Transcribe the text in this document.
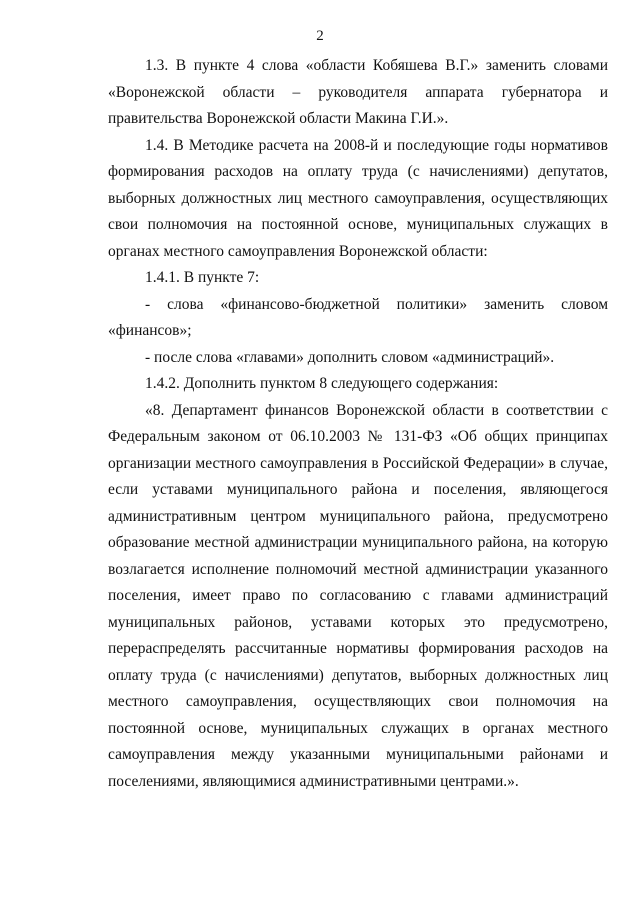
2

1.3. В пункте 4 слова «области Кобяшева В.Г.» заменить словами «Воронежской области – руководителя аппарата губернатора и правительства Воронежской области Макина Г.И.».

1.4. В Методике расчета на 2008-й и последующие годы нормативов формирования расходов на оплату труда (с начислениями) депутатов, выборных должностных лиц местного самоуправления, осуществляющих свои полномочия на постоянной основе, муниципальных служащих в органах местного самоуправления Воронежской области:

1.4.1. В пункте 7:

- слова «финансово-бюджетной политики» заменить словом «финансов»;

- после слова «главами» дополнить словом «администраций».

1.4.2. Дополнить пунктом 8 следующего содержания:

«8. Департамент финансов Воронежской области в соответствии с Федеральным законом от 06.10.2003 № 131-ФЗ «Об общих принципах организации местного самоуправления в Российской Федерации» в случае, если уставами муниципального района и поселения, являющегося административным центром муниципального района, предусмотрено образование местной администрации муниципального района, на которую возлагается исполнение полномочий местной администрации указанного поселения, имеет право по согласованию с главами администраций муниципальных районов, уставами которых это предусмотрено, перераспределять рассчитанные нормативы формирования расходов на оплату труда (с начислениями) депутатов, выборных должностных лиц местного самоуправления, осуществляющих свои полномочия на постоянной основе, муниципальных служащих в органах местного самоуправления между указанными муниципальными районами и поселениями, являющимися административными центрами.».
